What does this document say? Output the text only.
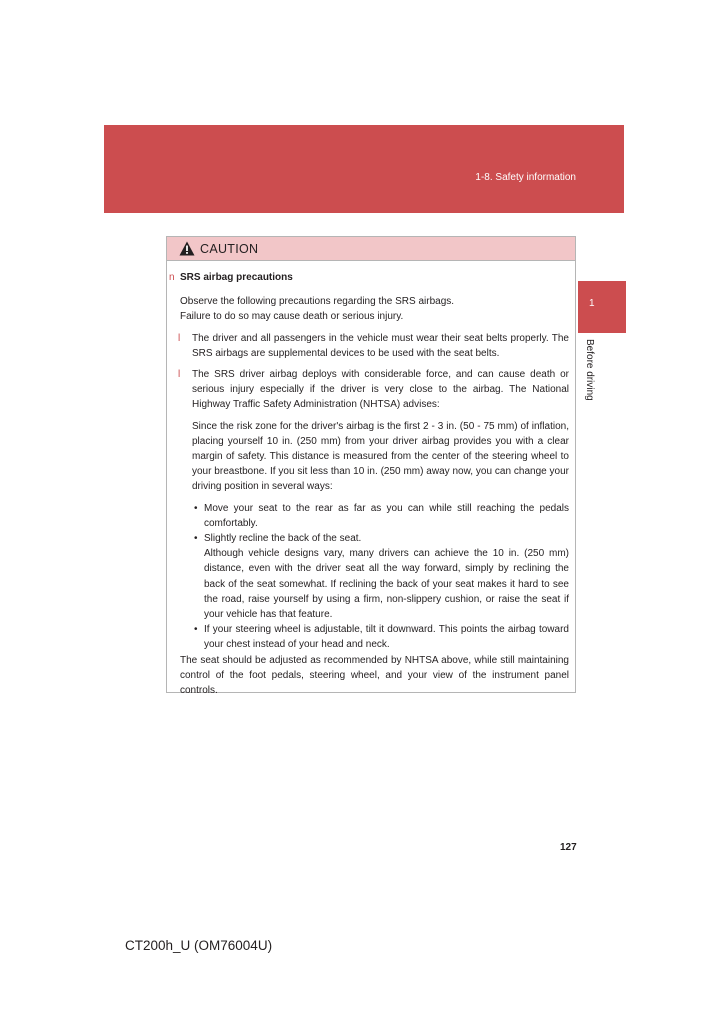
1-8. Safety information
1
Before driving
CAUTION
n SRS airbag precautions
Observe the following precautions regarding the SRS airbags.
Failure to do so may cause death or serious injury.
l	The driver and all passengers in the vehicle must wear their seat belts properly. The SRS airbags are supplemental devices to be used with the seat belts.
l	The SRS driver airbag deploys with considerable force, and can cause death or serious injury especially if the driver is very close to the airbag. The National Highway Traffic Safety Administration (NHTSA) advises:
Since the risk zone for the driver's airbag is the first 2 - 3 in. (50 - 75 mm) of inflation, placing yourself 10 in. (250 mm) from your driver airbag provides you with a clear margin of safety. This distance is measured from the center of the steering wheel to your breastbone. If you sit less than 10 in. (250 mm) away now, you can change your driving position in several ways:
• Move your seat to the rear as far as you can while still reaching the pedals comfortably.
• Slightly recline the back of the seat.
Although vehicle designs vary, many drivers can achieve the 10 in. (250 mm) distance, even with the driver seat all the way forward, simply by reclining the back of the seat somewhat. If reclining the back of your seat makes it hard to see the road, raise yourself by using a firm, non-slippery cushion, or raise the seat if your vehicle has that feature.
• If your steering wheel is adjustable, tilt it downward. This points the airbag toward your chest instead of your head and neck.
The seat should be adjusted as recommended by NHTSA above, while still maintaining control of the foot pedals, steering wheel, and your view of the instrument panel controls.
127
CT200h_U (OM76004U)
